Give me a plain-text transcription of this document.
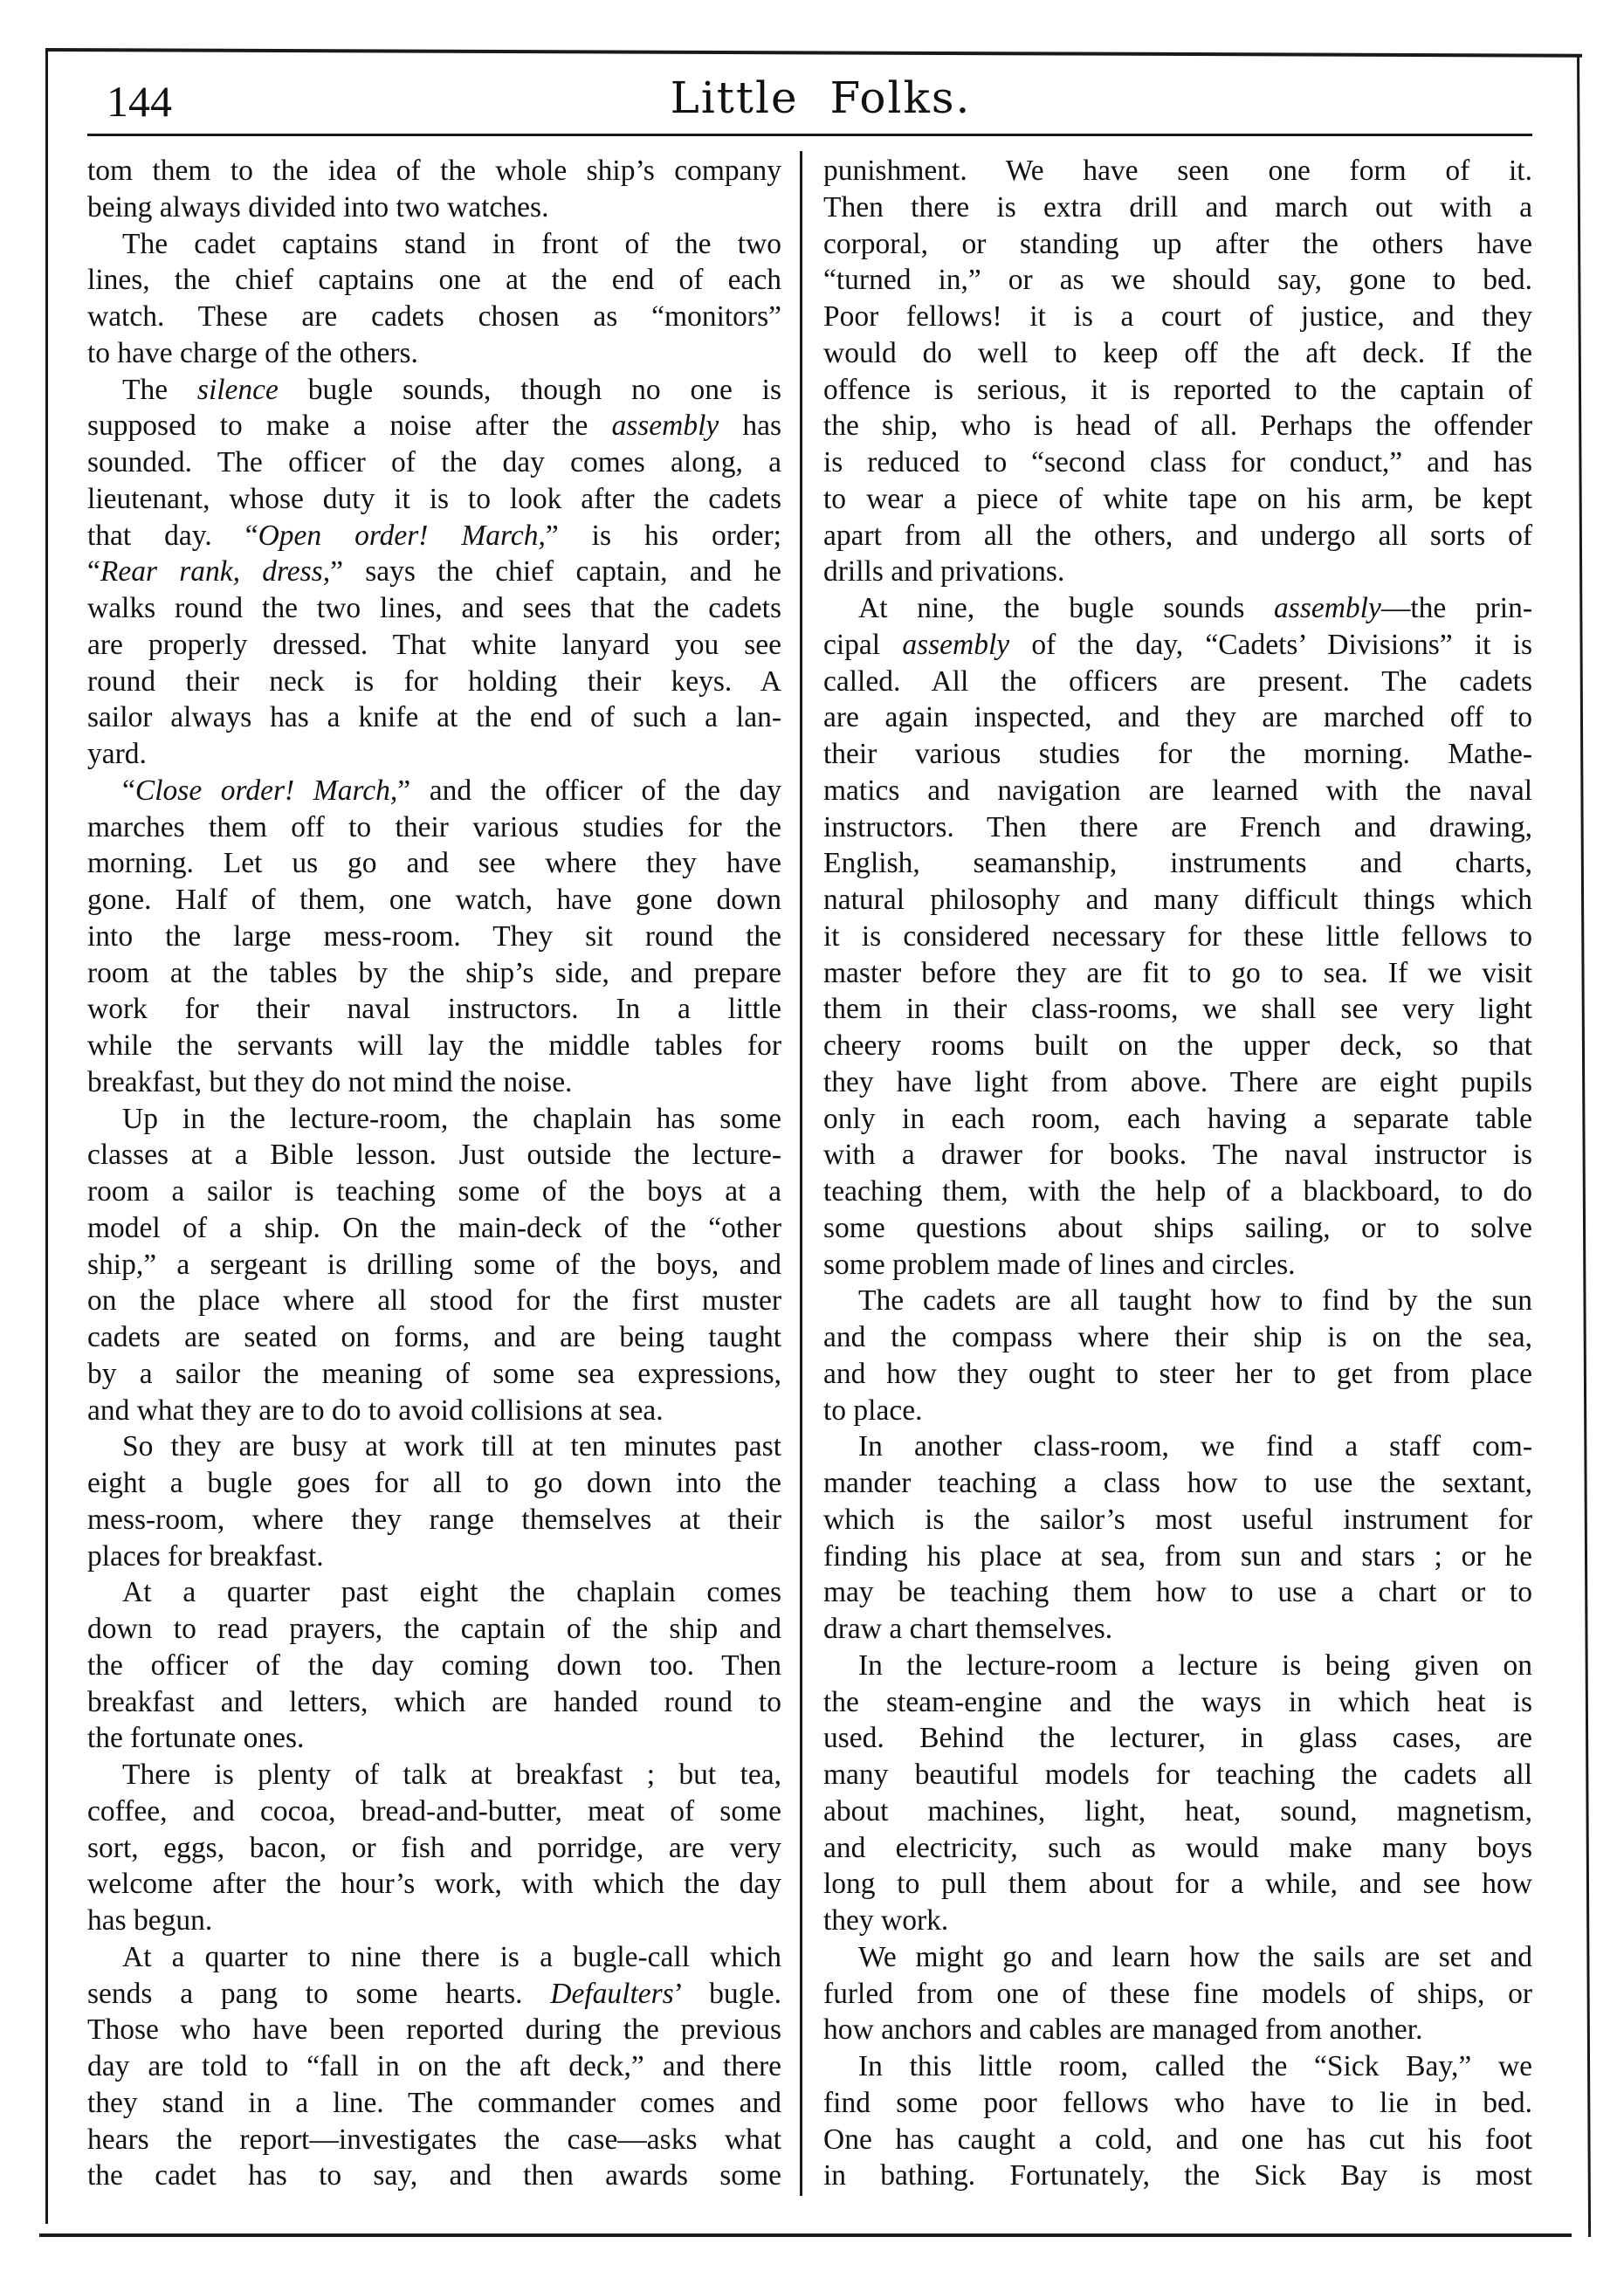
144	Little Folks.
tom them to the idea of the whole ship’s company
being always divided into two watches.
The cadet captains stand in front of the two
lines, the chief captains one at the end of each
watch. These are cadets chosen as “monitors”
to have charge of the others.
The silence bugle sounds, though no one is
supposed to make a noise after the assembly has
sounded. The officer of the day comes along, a
lieutenant, whose duty it is to look after the cadets
that day. “Open order! March,” is his order;
“Rear rank, dress,” says the chief captain, and he
walks round the two lines, and sees that the cadets
are properly dressed. That white lanyard you see
round their neck is for holding their keys. A
sailor always has a knife at the end of such a lan-
yard.
“Close order! March,” and the officer of the day
marches them off to their various studies for the
morning. Let us go and see where they have
gone. Half of them, one watch, have gone down
into the large mess-room. They sit round the
room at the tables by the ship’s side, and prepare
work for their naval instructors. In a little
while the servants will lay the middle tables for
breakfast, but they do not mind the noise.
Up in the lecture-room, the chaplain has some
classes at a Bible lesson. Just outside the lecture-
room a sailor is teaching some of the boys at a
model of a ship. On the main-deck of the “other
ship,” a sergeant is drilling some of the boys, and
on the place where all stood for the first muster
cadets are seated on forms, and are being taught
by a sailor the meaning of some sea expressions,
and what they are to do to avoid collisions at sea.
So they are busy at work till at ten minutes past
eight a bugle goes for all to go down into the
mess-room, where they range themselves at their
places for breakfast.
At a quarter past eight the chaplain comes
down to read prayers, the captain of the ship and
the officer of the day coming down too. Then
breakfast and letters, which are handed round to
the fortunate ones.
There is plenty of talk at breakfast ; but tea,
coffee, and cocoa, bread-and-butter, meat of some
sort, eggs, bacon, or fish and porridge, are very
welcome after the hour’s work, with which the day
has begun.
At a quarter to nine there is a bugle-call which
sends a pang to some hearts. Defaulters’ bugle.
Those who have been reported during the previous
day are told to “fall in on the aft deck,” and there
they stand in a line. The commander comes and
hears the report—investigates the case—asks what
the cadet has to say, and then awards some
punishment. We have seen one form of it.
Then there is extra drill and march out with a
corporal, or standing up after the others have
“turned in,” or as we should say, gone to bed.
Poor fellows! it is a court of justice, and they
would do well to keep off the aft deck. If the
offence is serious, it is reported to the captain of
the ship, who is head of all. Perhaps the offender
is reduced to “second class for conduct,” and has
to wear a piece of white tape on his arm, be kept
apart from all the others, and undergo all sorts of
drills and privations.
At nine, the bugle sounds assembly—the prin-
cipal assembly of the day, “Cadets’ Divisions” it is
called. All the officers are present. The cadets
are again inspected, and they are marched off to
their various studies for the morning. Mathe-
matics and navigation are learned with the naval
instructors. Then there are French and drawing,
English, seamanship, instruments and charts,
natural philosophy and many difficult things which
it is considered necessary for these little fellows to
master before they are fit to go to sea. If we visit
them in their class-rooms, we shall see very light
cheery rooms built on the upper deck, so that
they have light from above. There are eight pupils
only in each room, each having a separate table
with a drawer for books. The naval instructor is
teaching them, with the help of a blackboard, to do
some questions about ships sailing, or to solve
some problem made of lines and circles.
The cadets are all taught how to find by the sun
and the compass where their ship is on the sea,
and how they ought to steer her to get from place
to place.
In another class-room, we find a staff com-
mander teaching a class how to use the sextant,
which is the sailor’s most useful instrument for
finding his place at sea, from sun and stars ; or he
may be teaching them how to use a chart or to
draw a chart themselves.
In the lecture-room a lecture is being given on
the steam-engine and the ways in which heat is
used. Behind the lecturer, in glass cases, are
many beautiful models for teaching the cadets all
about machines, light, heat, sound, magnetism,
and electricity, such as would make many boys
long to pull them about for a while, and see how
they work.
We might go and learn how the sails are set and
furled from one of these fine models of ships, or
how anchors and cables are managed from another.
In this little room, called the “Sick Bay,” we
find some poor fellows who have to lie in bed.
One has caught a cold, and one has cut his foot
in bathing. Fortunately, the Sick Bay is most
